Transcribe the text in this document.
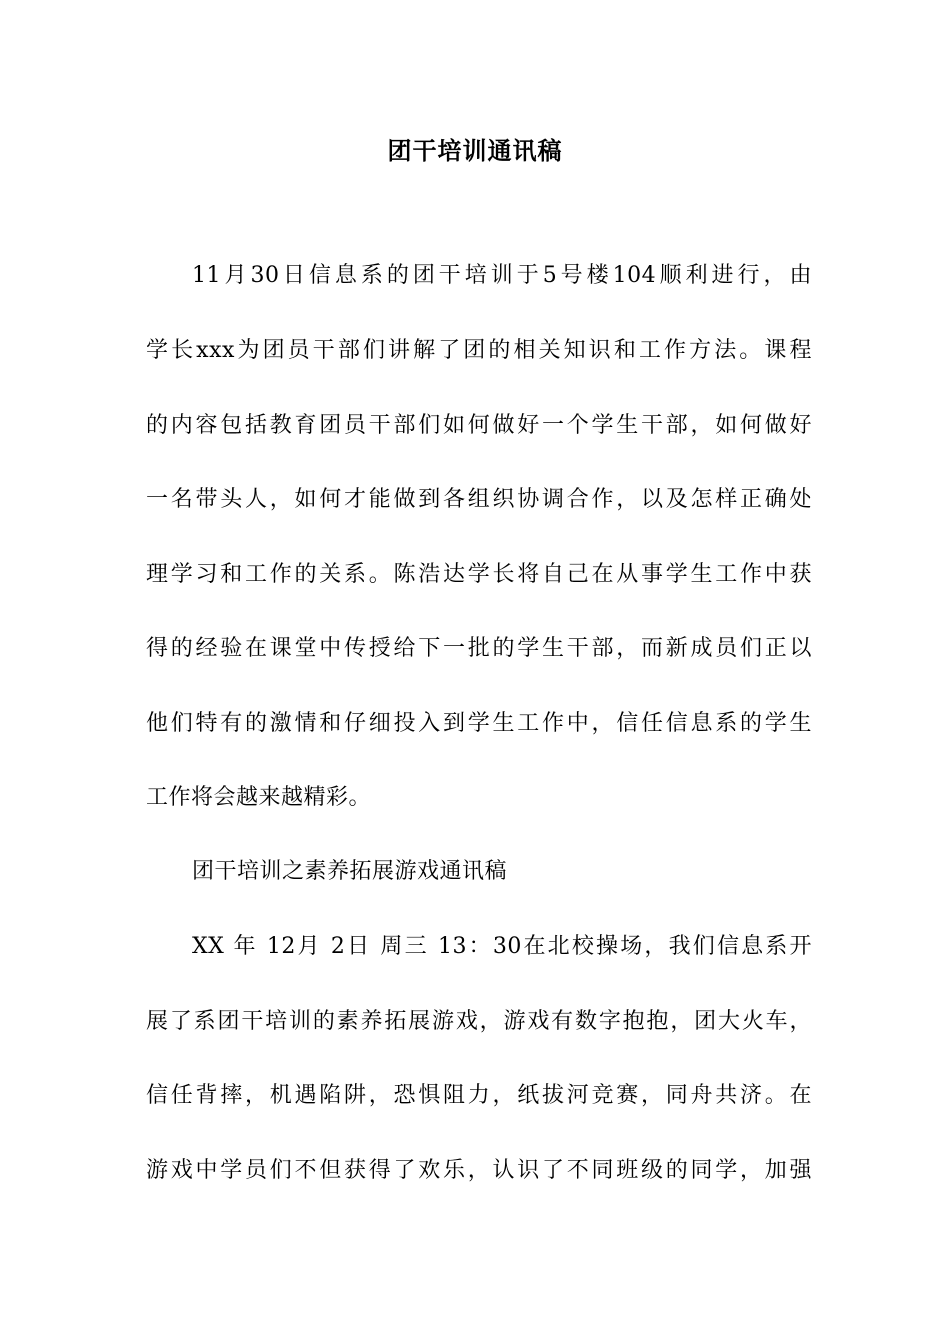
团干培训通讯稿
11月30日信息系的团干培训于5号楼104顺利进行，由
学长xxx为团员干部们讲解了团的相关知识和工作方法。课程
的内容包括教育团员干部们如何做好一个学生干部，如何做好
一名带头人，如何才能做到各组织协调合作，以及怎样正确处
理学习和工作的关系。陈浩达学长将自己在从事学生工作中获
得的经验在课堂中传授给下一批的学生干部，而新成员们正以
他们特有的激情和仔细投入到学生工作中，信任信息系的学生
工作将会越来越精彩。
团干培训之素养拓展游戏通讯稿
XX 年 12月 2日 周三 13：30在北校操场，我们信息系开
展了系团干培训的素养拓展游戏，游戏有数字抱抱，团大火车，
信任背摔，机遇陷阱，恐惧阻力，纸拔河竞赛，同舟共济。在
游戏中学员们不但获得了欢乐，认识了不同班级的同学，加强
